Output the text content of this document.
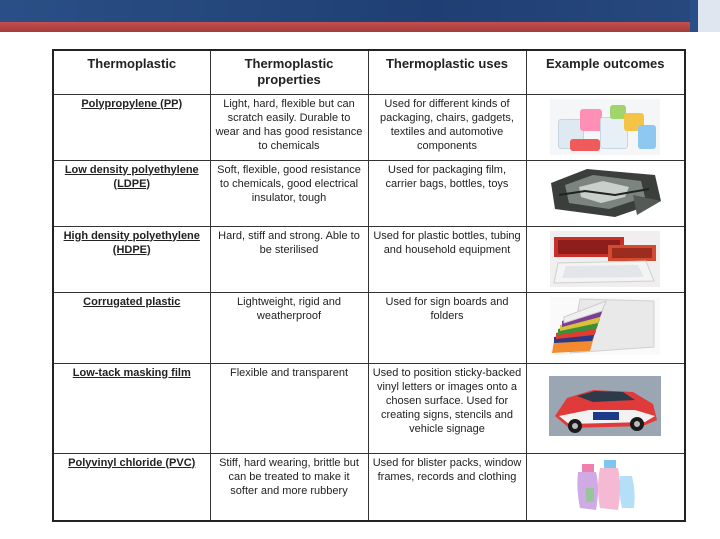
Thermoplastic	Thermoplastic properties	Thermoplastic uses	Example outcomes
Polypropylene (PP)	Light, hard, flexible but can scratch easily. Durable to wear and has good resistance to chemicals	Used for different kinds of packaging, chairs, gadgets, textiles and automotive components	

Low density polyethylene (LDPE)	Soft, flexible, good resistance to chemicals, good electrical insulator, tough	Used for packaging film, carrier bags, bottles, toys	

High density polyethylene (HDPE)	Hard, stiff and strong. Able to be sterilised	Used for plastic bottles, tubing and household equipment	

Corrugated plastic	Lightweight, rigid and weatherproof	Used for sign boards and folders	

Low-tack masking film	Flexible and transparent	Used to position sticky-backed vinyl letters or images onto a chosen surface. Used for creating signs, stencils and vehicle signage	

Polyvinyl chloride (PVC)	Stiff, hard wearing, brittle but can be treated to make it softer and more rubbery	Used for blister packs, window frames, records and clothing	
